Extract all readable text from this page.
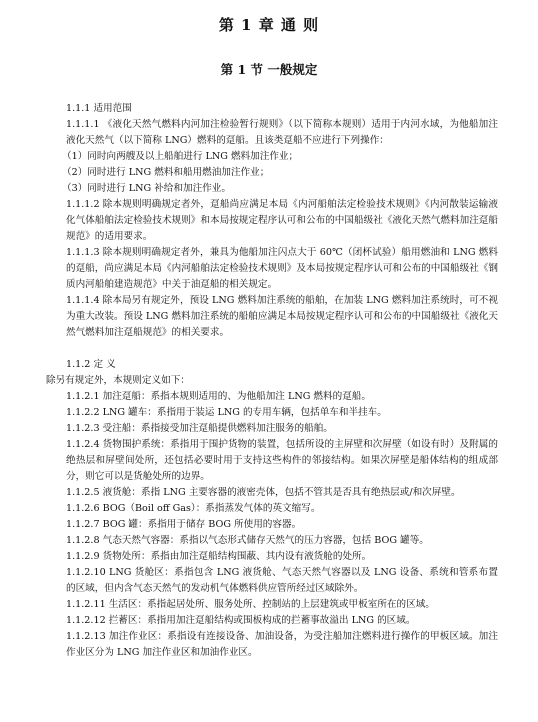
第 1 章 通 则
第 1 节 一般规定

1.1.1 适用范围

1.1.1.1 《液化天然气燃料内河加注检验暂行规则》（以下简称本规则）适用于内河水域，为他船加注液化天然气（以下简称 LNG）燃料的趸船。且该类趸船不应进行下列操作：

（1）同时向两艘及以上船舶进行 LNG 燃料加注作业；

（2）同时进行 LNG 燃料和船用燃油加注作业；

（3）同时进行 LNG 补给和加注作业。

1.1.1.2 除本规则明确规定者外，趸船尚应满足本局《内河船舶法定检验技术规则》《内河散装运输液化气体船舶法定检验技术规则》和本局按规定程序认可和公布的中国船级社《液化天然气燃料加注趸船规范》的适用要求。

1.1.1.3 除本规则明确规定者外，兼具为他船加注闪点大于 60℃（闭杯试验）船用燃油和 LNG 燃料的趸船，尚应满足本局《内河船舶法定检验技术规则》及本局按规定程序认可和公布的中国船级社《钢质内河船舶建造规范》中关于油趸船的相关规定。

1.1.1.4 除本局另有规定外，预设 LNG 燃料加注系统的船舶，在加装 LNG 燃料加注系统时，可不视为重大改装。预设 LNG 燃料加注系统的船舶应满足本局按规定程序认可和公布的中国船级社《液化天然气燃料加注趸船规范》的相关要求。

1.1.2 定 义

除另有规定外，本规则定义如下：

1.1.2.1 加注趸船：系指本规则适用的、为他船加注 LNG 燃料的趸船。

1.1.2.2 LNG 罐车：系指用于装运 LNG 的专用车辆，包括单车和半挂车。

1.1.2.3 受注船：系指接受加注趸船提供燃料加注服务的船舶。

1.1.2.4 货物围护系统：系指用于围护货物的装置，包括所设的主屏壁和次屏壁（如设有时）及附属的绝热层和屏壁间处所，还包括必要时用于支持这些构件的邻接结构。如果次屏壁是船体结构的组成部分，则它可以是货舱处所的边界。

1.1.2.5 液货舱：系指 LNG 主要容器的液密壳体，包括不管其是否具有绝热层或/和次屏壁。

1.1.2.6 BOG（Boil off Gas）：系指蒸发气体的英文缩写。

1.1.2.7 BOG 罐：系指用于储存 BOG 所使用的容器。

1.1.2.8 气态天然气容器：系指以气态形式储存天然气的压力容器，包括 BOG 罐等。

1.1.2.9 货物处所：系指由加注趸船结构围蔽、其内设有液货舱的处所。

1.1.2.10 LNG 货舱区：系指包含 LNG 液货舱、气态天然气容器以及 LNG 设备、系统和管系布置的区域，但内含气态天然气的发动机气体燃料供应管所经过区域除外。

1.1.2.11 生活区：系指起居处所、服务处所、控制站的上层建筑或甲板室所在的区域。

1.1.2.12 拦蓄区：系指用加注趸船结构或围板构成的拦蓄事故溢出 LNG 的区域。

1.1.2.13 加注作业区：系指设有连接设备、加油设备，为受注船加注燃料进行操作的甲板区域。加注作业区分为 LNG 加注作业区和加油作业区。
